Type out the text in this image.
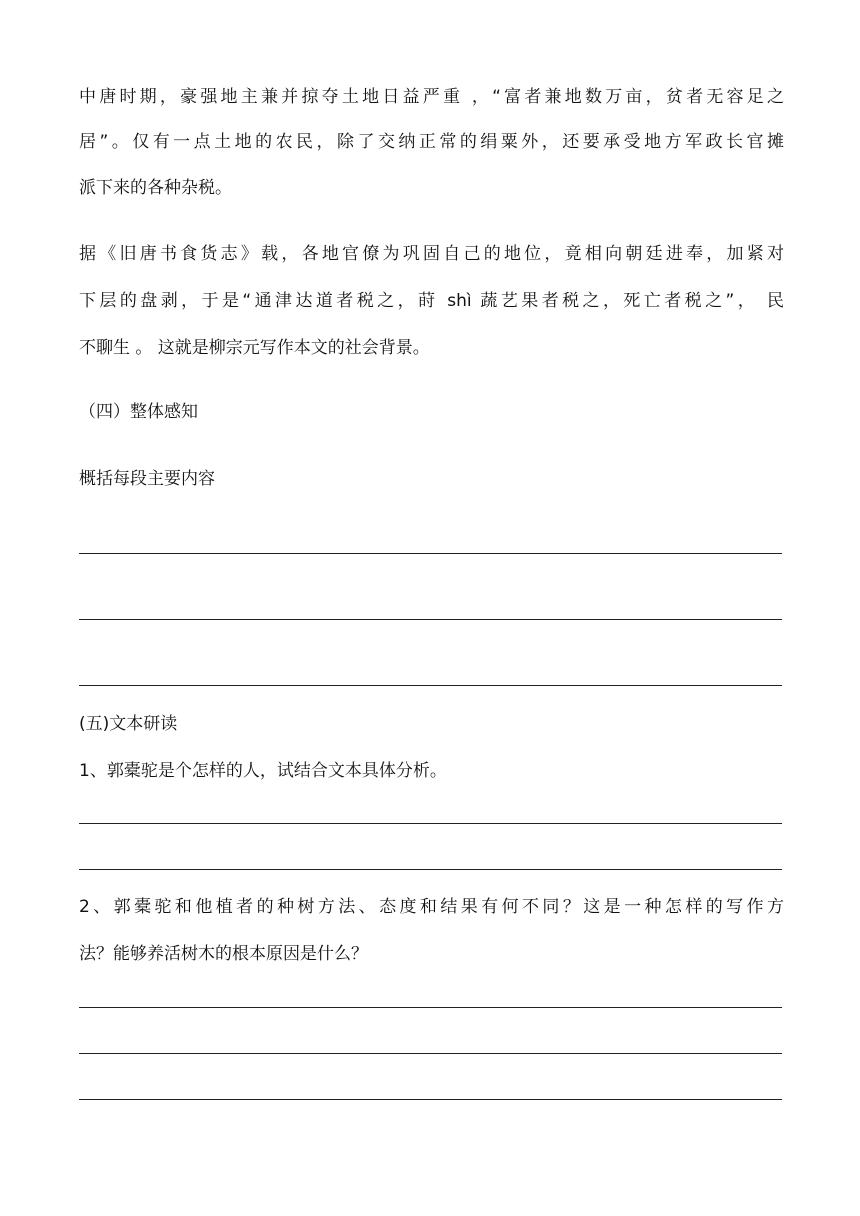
中唐时期，豪强地主兼并掠夺土地日益严重 ，“富者兼地数万亩，贫者无容足之
居”。仅有一点土地的农民，除了交纳正常的绢粟外，还要承受地方军政长官摊
派下来的各种杂税。
据《旧唐书食货志》载，各地官僚为巩固自己的地位，竟相向朝廷进奉，加紧对
下层的盘剥，于是“通津达道者税之，莳 shì 蔬艺果者税之，死亡者税之”， 民
不聊生 。 这就是柳宗元写作本文的社会背景。
（四）整体感知
概括每段主要内容
(五)文本研读
1、郭橐驼是个怎样的人，试结合文本具体分析。
2、郭橐驼和他植者的种树方法、态度和结果有何不同？这是一种怎样的写作方
法？能够养活树木的根本原因是什么？
